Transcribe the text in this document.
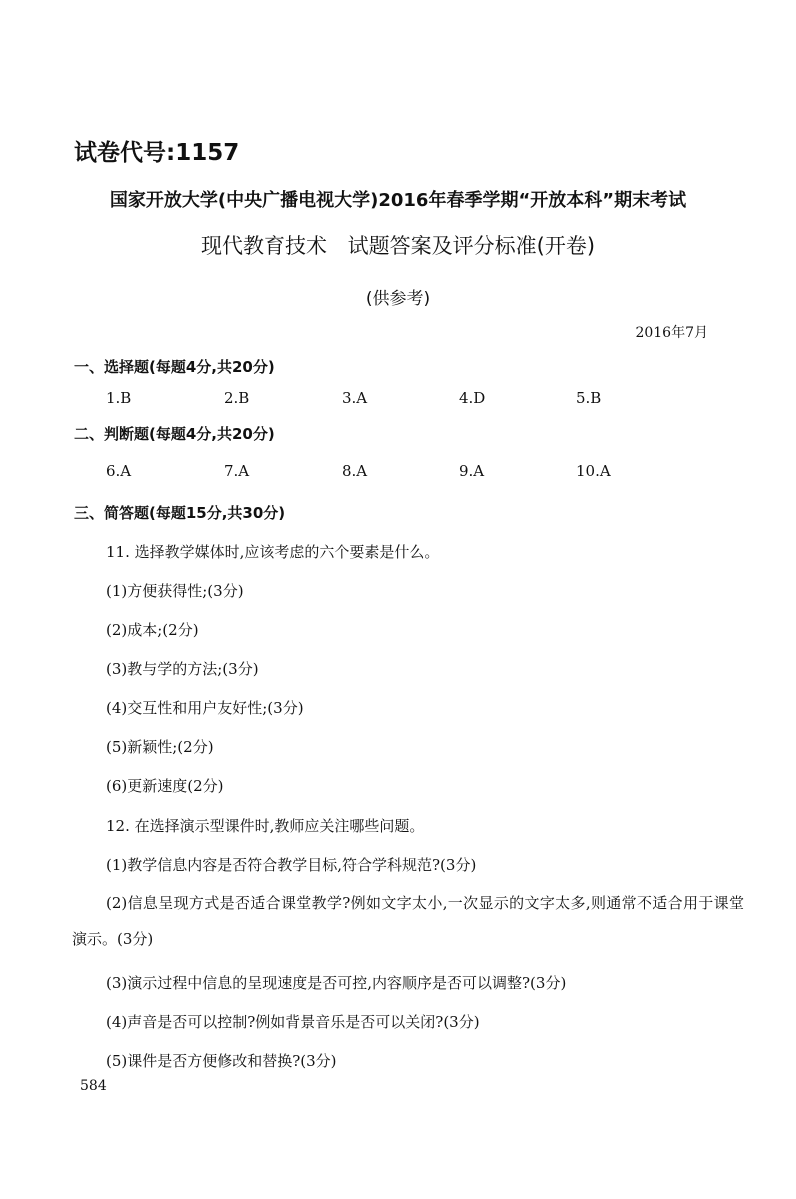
试卷代号:1157
国家开放大学(中央广播电视大学)2016年春季学期“开放本科”期末考试
现代教育技术 试题答案及评分标准(开卷)
(供参考)
2016年7月
一、选择题(每题4分,共20分)
1.B	2.B	3.A	4.D	5.B
二、判断题(每题4分,共20分)
6.A	7.A	8.A	9.A	10.A
三、简答题(每题15分,共30分)
11. 选择教学媒体时,应该考虑的六个要素是什么。
(1)方便获得性;(3分)
(2)成本;(2分)
(3)教与学的方法;(3分)
(4)交互性和用户友好性;(3分)
(5)新颖性;(2分)
(6)更新速度(2分)
12. 在选择演示型课件时,教师应关注哪些问题。
(1)教学信息内容是否符合教学目标,符合学科规范?(3分)
(2)信息呈现方式是否适合课堂教学?例如文字太小,一次显示的文字太多,则通常不适合用于课堂演示。(3分)
(3)演示过程中信息的呈现速度是否可控,内容顺序是否可以调整?(3分)
(4)声音是否可以控制?例如背景音乐是否可以关闭?(3分)
(5)课件是否方便修改和替换?(3分)
584
